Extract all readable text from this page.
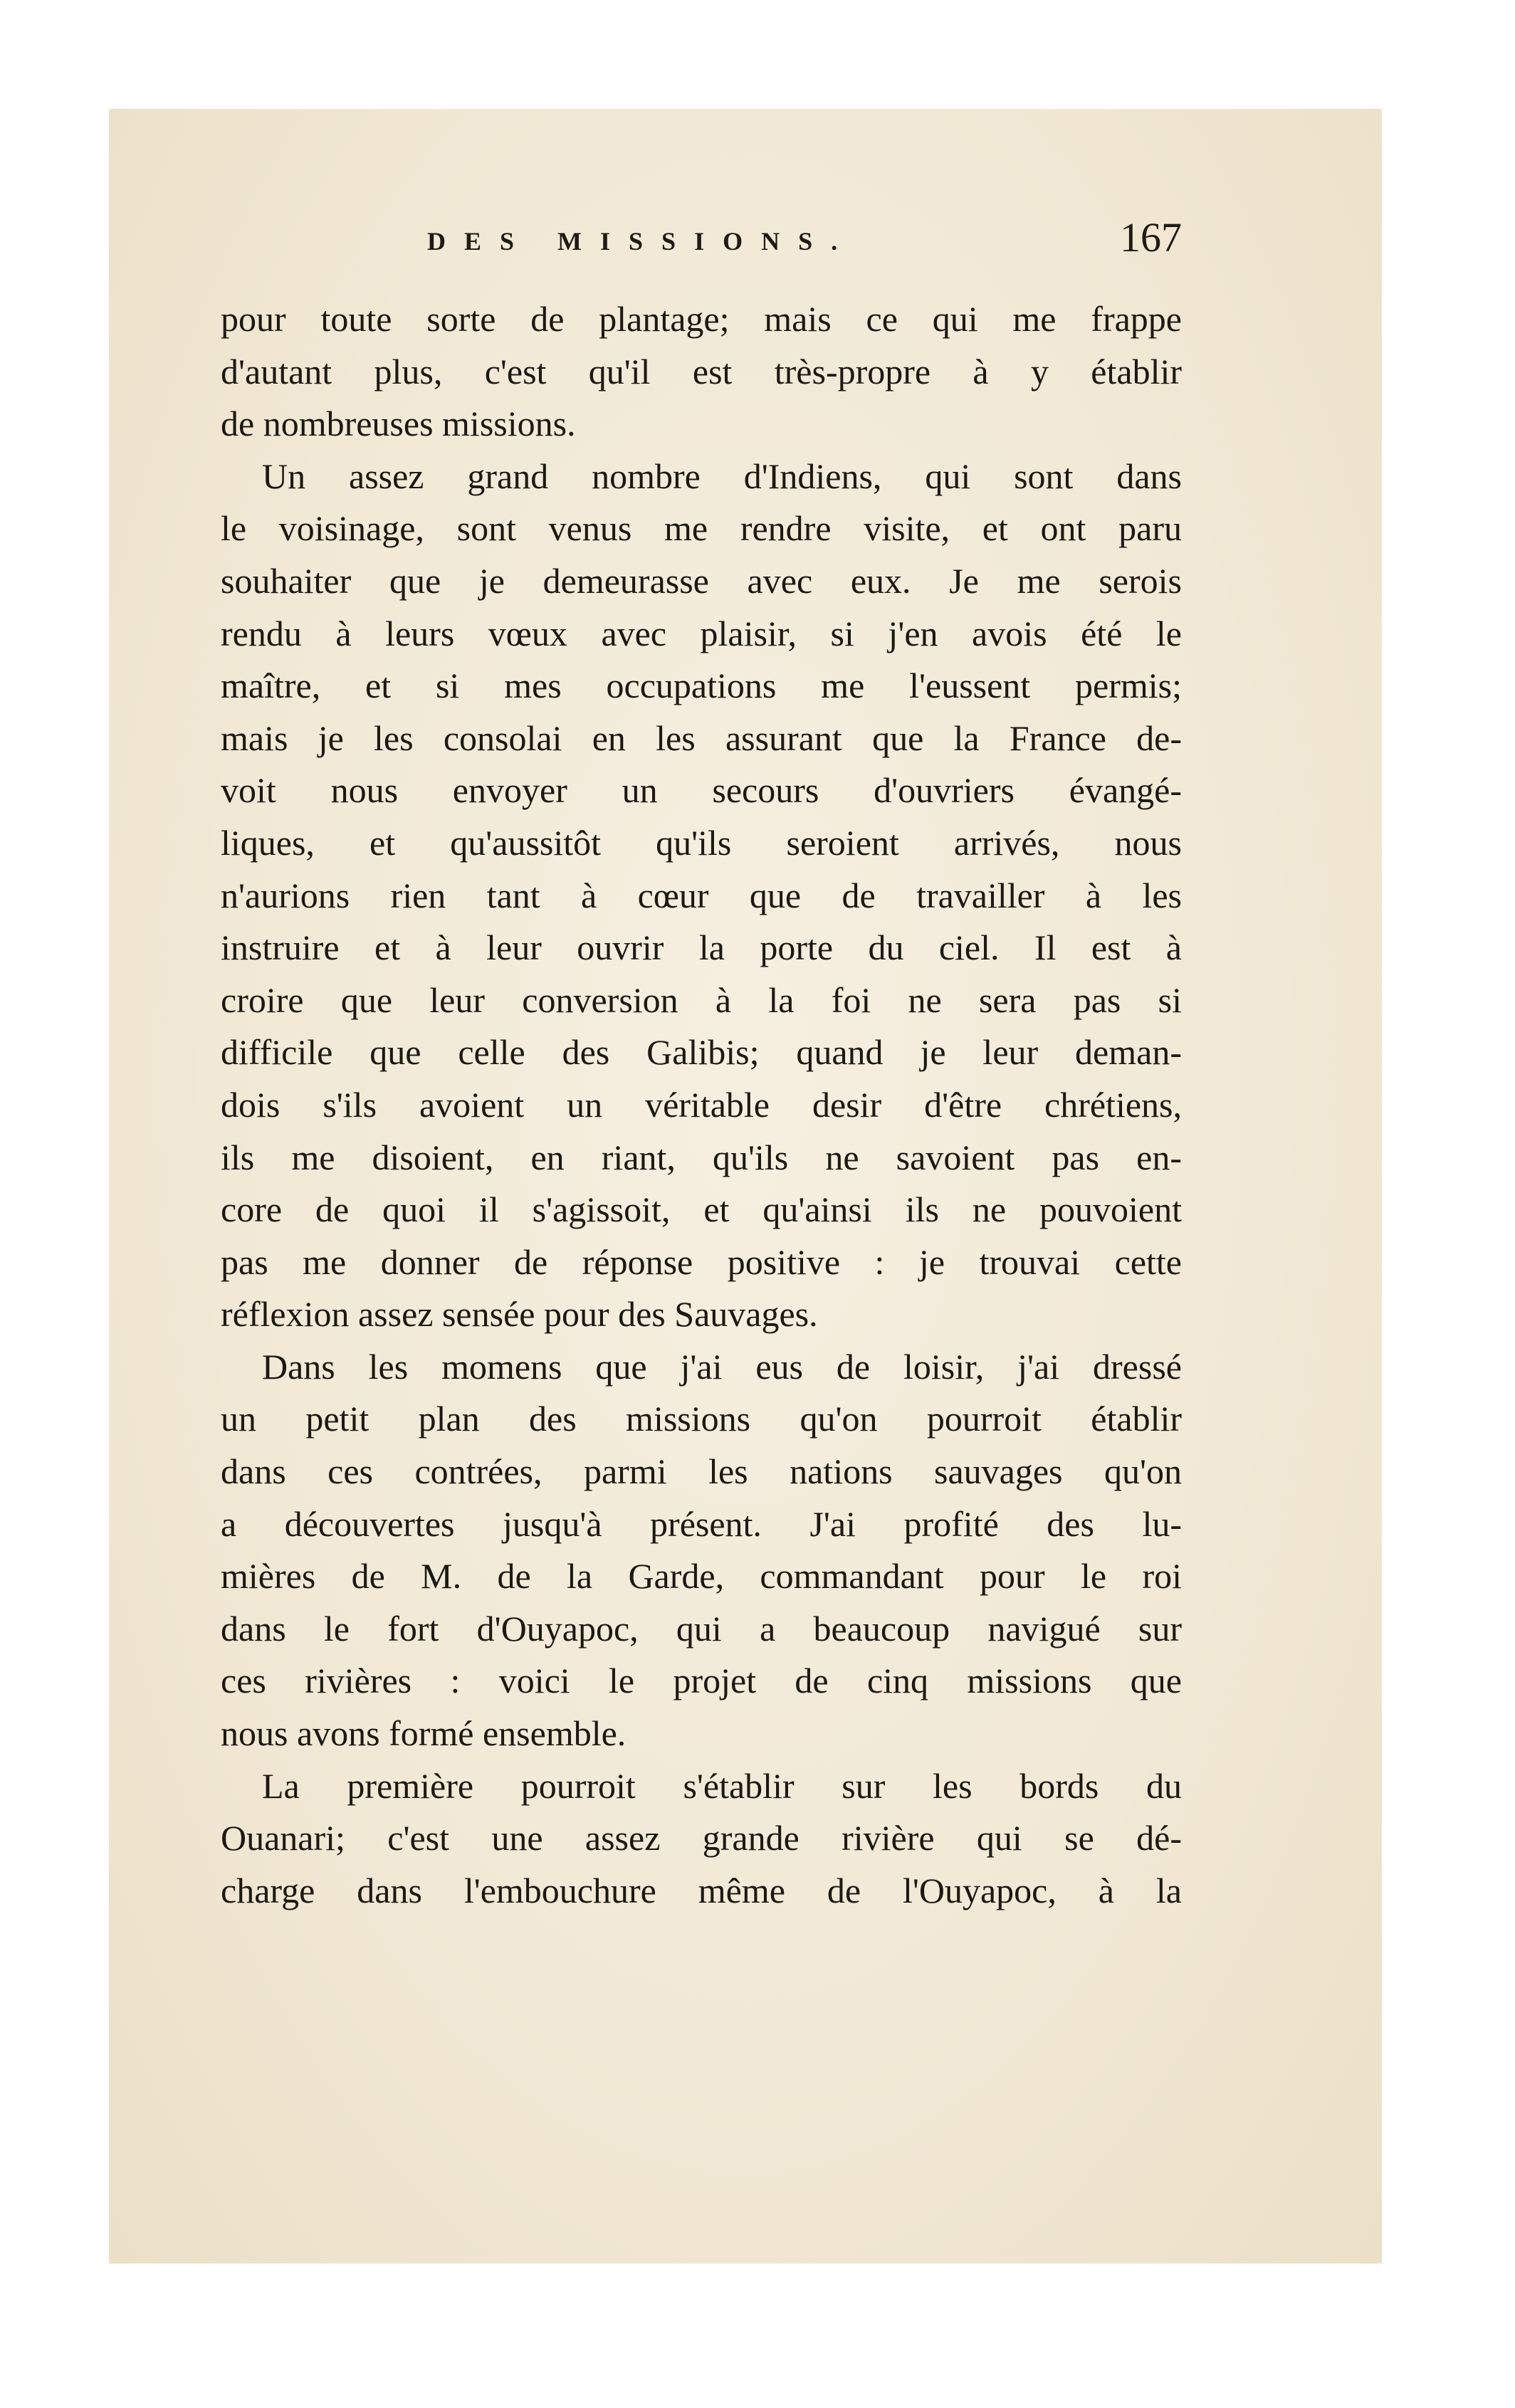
DES MISSIONS.	167
pour toute sorte de plantage; mais ce qui me frappe
d'autant plus, c'est qu'il est très-propre à y établir
de nombreuses missions.
Un assez grand nombre d'Indiens, qui sont dans
le voisinage, sont venus me rendre visite, et ont paru
souhaiter que je demeurasse avec eux. Je me serois
rendu à leurs vœux avec plaisir, si j'en avois été le
maître, et si mes occupations me l'eussent permis;
mais je les consolai en les assurant que la France de-
voit nous envoyer un secours d'ouvriers évangé-
liques, et qu'aussitôt qu'ils seroient arrivés, nous
n'aurions rien tant à cœur que de travailler à les
instruire et à leur ouvrir la porte du ciel. Il est à
croire que leur conversion à la foi ne sera pas si
difficile que celle des Galibis; quand je leur deman-
dois s'ils avoient un véritable desir d'être chrétiens,
ils me disoient, en riant, qu'ils ne savoient pas en-
core de quoi il s'agissoit, et qu'ainsi ils ne pouvoient
pas me donner de réponse positive : je trouvai cette
réflexion assez sensée pour des Sauvages.
Dans les momens que j'ai eus de loisir, j'ai dressé
un petit plan des missions qu'on pourroit établir
dans ces contrées, parmi les nations sauvages qu'on
a découvertes jusqu'à présent. J'ai profité des lu-
mières de M. de la Garde, commandant pour le roi
dans le fort d'Ouyapoc, qui a beaucoup navigué sur
ces rivières : voici le projet de cinq missions que
nous avons formé ensemble.
La première pourroit s'établir sur les bords du
Ouanari; c'est une assez grande rivière qui se dé-
charge dans l'embouchure même de l'Ouyapoc, à la
